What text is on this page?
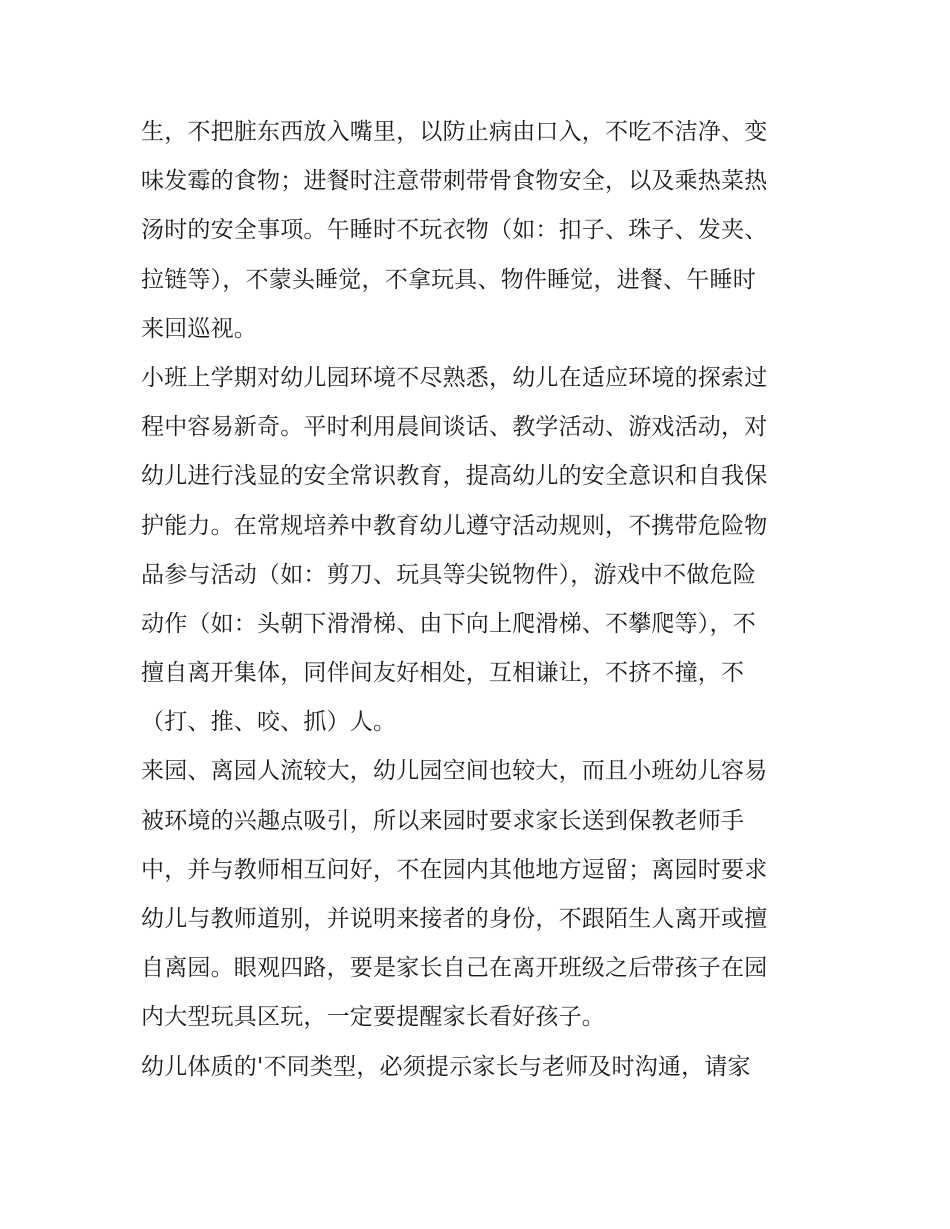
生，不把脏东西放入嘴里，以防止病由口入，不吃不洁净、变
味发霉的食物；进餐时注意带刺带骨食物安全，以及乘热菜热
汤时的安全事项。午睡时不玩衣物（如：扣子、珠子、发夹、
拉链等），不蒙头睡觉，不拿玩具、物件睡觉，进餐、午睡时
来回巡视。
小班上学期对幼儿园环境不尽熟悉，幼儿在适应环境的探索过
程中容易新奇。平时利用晨间谈话、教学活动、游戏活动，对
幼儿进行浅显的安全常识教育，提高幼儿的安全意识和自我保
护能力。在常规培养中教育幼儿遵守活动规则，不携带危险物
品参与活动（如：剪刀、玩具等尖锐物件），游戏中不做危险
动作（如：头朝下滑滑梯、由下向上爬滑梯、不攀爬等），不
擅自离开集体，同伴间友好相处，互相谦让，不挤不撞，不
（打、推、咬、抓）人。
来园、离园人流较大，幼儿园空间也较大，而且小班幼儿容易
被环境的兴趣点吸引，所以来园时要求家长送到保教老师手
中，并与教师相互问好，不在园内其他地方逗留；离园时要求
幼儿与教师道别，并说明来接者的身份，不跟陌生人离开或擅
自离园。眼观四路，要是家长自己在离开班级之后带孩子在园
内大型玩具区玩，一定要提醒家长看好孩子。
幼儿体质的'不同类型，必须提示家长与老师及时沟通，请家
